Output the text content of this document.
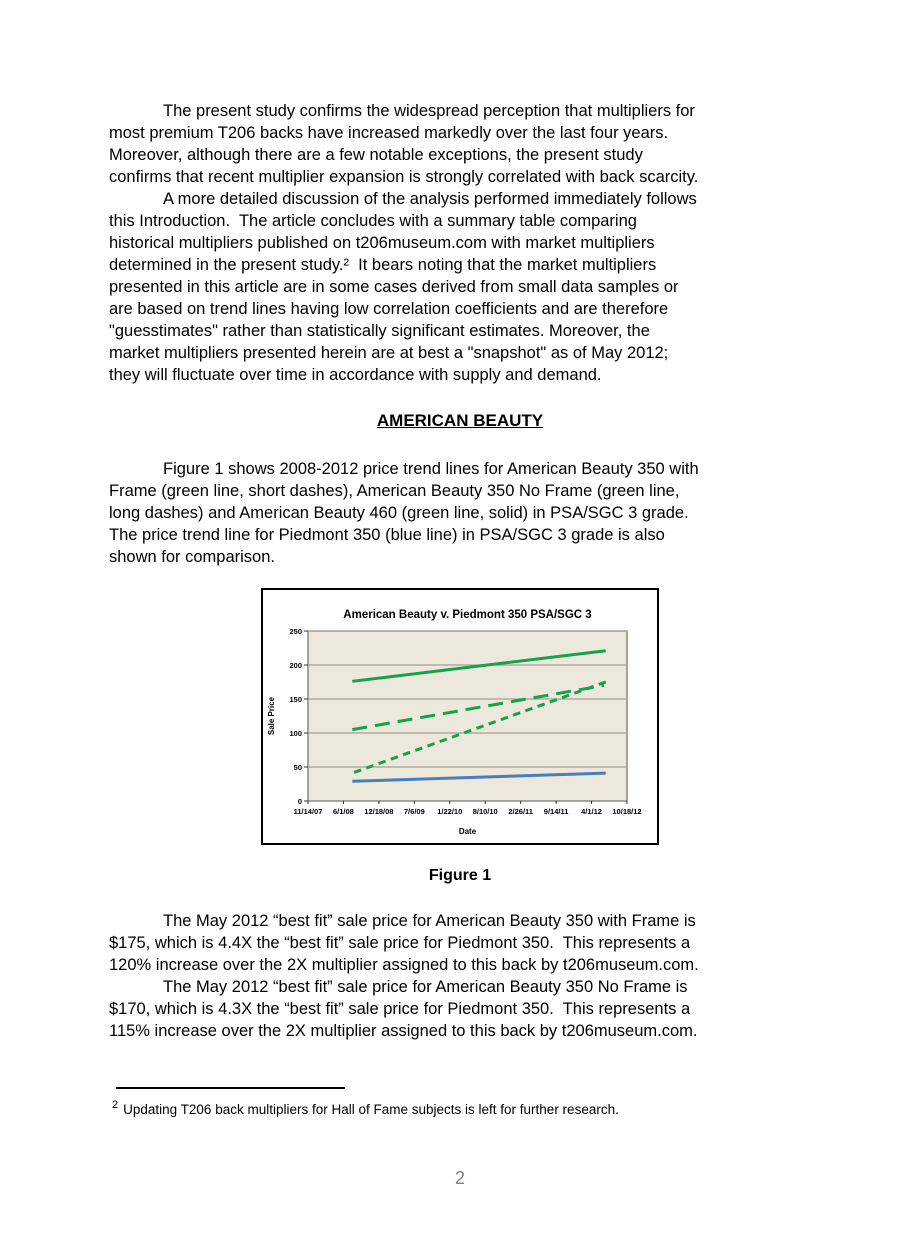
The present study confirms the widespread perception that multipliers for
most premium T206 backs have increased markedly over the last four years.
Moreover, although there are a few notable exceptions, the present study
confirms that recent multiplier expansion is strongly correlated with back scarcity.
A more detailed discussion of the analysis performed immediately follows
this Introduction.  The article concludes with a summary table comparing
historical multipliers published on t206museum.com with market multipliers
determined in the present study.²  It bears noting that the market multipliers
presented in this article are in some cases derived from small data samples or
are based on trend lines having low correlation coefficients and are therefore
"guesstimates" rather than statistically significant estimates. Moreover, the
market multipliers presented herein are at best a "snapshot" as of May 2012;
they will fluctuate over time in accordance with supply and demand.
AMERICAN BEAUTY
Figure 1 shows 2008-2012 price trend lines for American Beauty 350 with
Frame (green line, short dashes), American Beauty 350 No Frame (green line,
long dashes) and American Beauty 460 (green line, solid) in PSA/SGC 3 grade.
The price trend line for Piedmont 350 (blue line) in PSA/SGC 3 grade is also
shown for comparison.
0
50
100
150
200
250
11/14/07 6/1/08 12/18/08 7/6/09 1/22/10 8/10/10 2/26/11 9/14/11 4/1/12 10/18/12
American Beauty v. Piedmont 350 PSA/SGC 3
Date
Sale Price
Figure 1
The May 2012 “best fit” sale price for American Beauty 350 with Frame is
$175, which is 4.4X the “best fit” sale price for Piedmont 350.  This represents a
120% increase over the 2X multiplier assigned to this back by t206museum.com.
The May 2012 “best fit” sale price for American Beauty 350 No Frame is
$170, which is 4.3X the “best fit” sale price for Piedmont 350.  This represents a
115% increase over the 2X multiplier assigned to this back by t206museum.com.
$^2$ Updating T206 back multipliers for Hall of Fame subjects is left for further research.
2
